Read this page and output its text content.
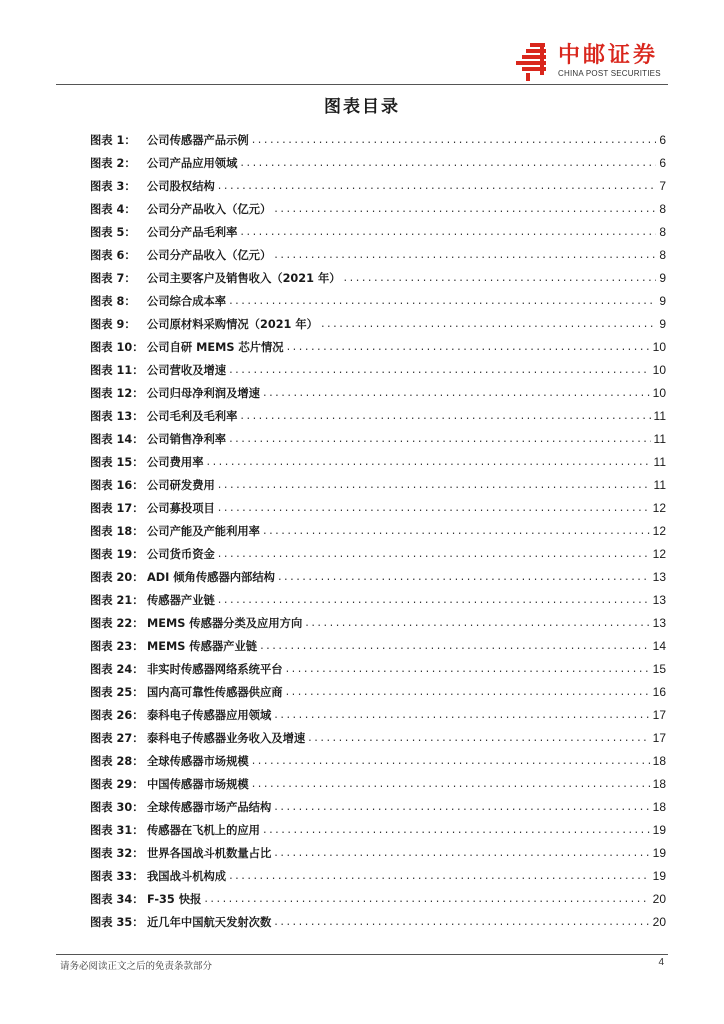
中邮证券
CHINA POST SECURITIES
图表目录
图表 1：	公司传感器产品示例 .....	6
图表 2：	公司产品应用领域 .....	6
图表 3：	公司股权结构 .....	7
图表 4：	公司分产品收入（亿元） .....	8
图表 5：	公司分产品毛利率 .....	8
图表 6：	公司分产品收入（亿元） .....	8
图表 7：	公司主要客户及销售收入（2021 年） .....	9
图表 8：	公司综合成本率 .....	9
图表 9：	公司原材料采购情况（2021 年） .....	9
图表 10： 公司自研 MEMS 芯片情况 .....	10
图表 11： 公司营收及增速 .....	10
图表 12： 公司归母净利润及增速 .....	10
图表 13： 公司毛利及毛利率 .....	11
图表 14： 公司销售净利率 .....	11
图表 15： 公司费用率 .....	11
图表 16： 公司研发费用 .....	11
图表 17： 公司募投项目 .....	12
图表 18： 公司产能及产能利用率 .....	12
图表 19： 公司货币资金 .....	12
图表 20： ADI 倾角传感器内部结构 .....	13
图表 21： 传感器产业链 .....	13
图表 22： MEMS 传感器分类及应用方向 .....	13
图表 23： MEMS 传感器产业链 .....	14
图表 24： 非实时传感器网络系统平台 .....	15
图表 25： 国内高可靠性传感器供应商 .....	16
图表 26： 泰科电子传感器应用领域 .....	17
图表 27： 泰科电子传感器业务收入及增速 .....	17
图表 28： 全球传感器市场规模 .....	18
图表 29： 中国传感器市场规模 .....	18
图表 30： 全球传感器市场产品结构 .....	18
图表 31： 传感器在飞机上的应用 .....	19
图表 32： 世界各国战斗机数量占比 .....	19
图表 33： 我国战斗机构成 .....	19
图表 34： F-35 快报 .....	20
图表 35： 近几年中国航天发射次数 .....	20
请务必阅读正文之后的免责条款部分	4
